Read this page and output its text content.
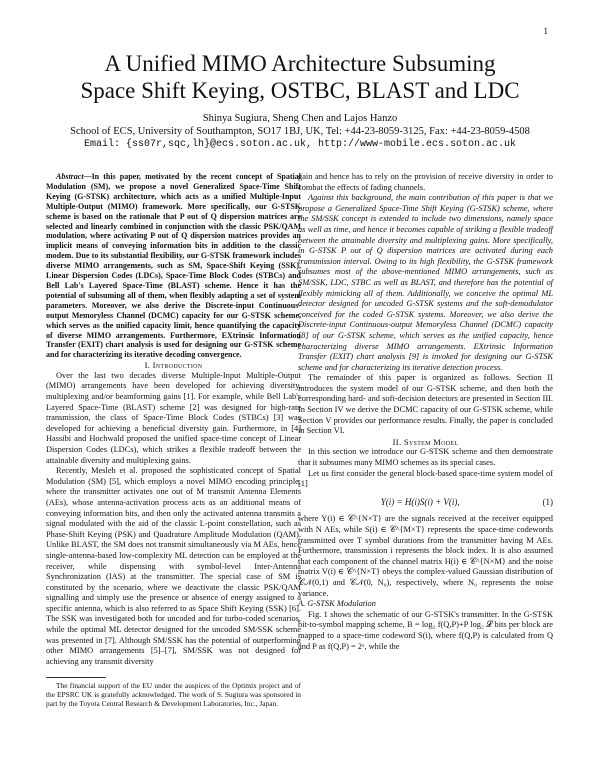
1
A Unified MIMO Architecture Subsuming
Space Shift Keying, OSTBC, BLAST and LDC
Shinya Sugiura, Sheng Chen and Lajos Hanzo
School of ECS, University of Southampton, SO17 1BJ, UK, Tel: +44-23-8059-3125, Fax: +44-23-8059-4508
Email: {ss07r,sqc,lh}@ecs.soton.ac.uk, http://www-mobile.ecs.soton.ac.uk

Abstract—In this paper, motivated by the recent concept of Spatial Modulation (SM), we propose a novel Generalized Space-Time Shift Keying (G-STSK) architecture, which acts as a unified Multiple-Input Multiple-Output (MIMO) framework. More specifically, our G-STSK scheme is based on the rationale that P out of Q dispersion matrices are selected and linearly combined in conjunction with the classic PSK/QAM modulation, where activating P out of Q dispersion matrices provides an implicit means of conveying information bits in addition to the classic modem. Due to its substantial flexibility, our G-STSK framework includes diverse MIMO arrangements, such as SM, Space-Shift Keying (SSK), Linear Dispersion Codes (LDCs), Space-Time Block Codes (STBCs) and Bell Lab's Layered Space-Time (BLAST) scheme. Hence it has the potential of subsuming all of them, when flexibly adapting a set of system parameters. Moreover, we also derive the Discrete-input Continuous-output Memoryless Channel (DCMC) capacity for our G-STSK scheme, which serves as the unified capacity limit, hence quantifying the capacity of diverse MIMO arrangements. Furthermore, EXtrinsic Information Transfer (EXIT) chart analysis is used for designing our G-STSK scheme and for characterizing its iterative decoding convergence.

I. Introduction

Over the last two decades diverse Multiple-Input Multiple-Output (MIMO) arrangements have been developed for achieving diversity, multiplexing and/or beamforming gains [1]. For example, while Bell Lab's Layered Space-Time (BLAST) scheme [2] was designed for high-rate transmission, the class of Space-Time Block Codes (STBCs) [3] was developed for achieving a beneficial diversity gain. Furthermore, in [4] Hassibi and Hochwald proposed the unified space-time concept of Linear Dispersion Codes (LDCs), which strikes a flexible tradeoff between the attainable diversity and multiplexing gains.

Recently, Mesleh et al. proposed the sophisticated concept of Spatial Modulation (SM) [5], which employs a novel MIMO encoding principle, where the transmitter activates one out of M transmit Antenna Elements (AEs), whose antenna-activation process acts as an additional means of conveying information bits, and then only the activated antenna transmits a signal modulated with the aid of the classic L-point constellation, such as Phase-Shift Keying (PSK) and Quadrature Amplitude Modulation (QAM). Unlike BLAST, the SM does not transmit simultaneously via M AEs, hence single-antenna-based low-complexity ML detection can be employed at the receiver, while dispensing with symbol-level Inter-Antenna Synchronization (IAS) at the transmitter. The special case of SM is constituted by the scenario, where we deactivate the classic PSK/QAM signalling and simply use the presence or absence of energy assigned to a specific antenna, which is also referred to as Space Shift Keying (SSK) [6]. The SSK was investigated both for uncoded and for turbo-coded scenarios, while the optimal ML detector designed for the uncoded SM/SSK scheme was presented in [7]. Although SM/SSK has the potential of outperforming other MIMO arrangements [5]–[7], SM/SSK was not designed for achieving any transmit diversity

The financial support of the EU under the auspices of the Optimix project and of the EPSRC UK is gratefully acknowledged. The work of S. Sugiura was sponsored in part by the Toyota Central Research & Development Laboratories, Inc., Japan.

gain and hence has to rely on the provision of receive diversity in order to combat the effects of fading channels.

Against this background, the main contribution of this paper is that we propose a Generalized Space-Time Shift Keying (G-STSK) scheme, where the SM/SSK concept is extended to include two dimensions, namely space as well as time, and hence it becomes capable of striking a flexible tradeoff between the attainable diversity and multiplexing gains. More specifically, in G-STSK P out of Q dispersion matrices are activated during each transmission interval. Owing to its high flexibility, the G-STSK framework subsumes most of the above-mentioned MIMO arrangements, such as SM/SSK, LDC, STBC as well as BLAST, and therefore has the potential of flexibly mimicking all of them. Additionally, we conceive the optimal ML detector designed for uncoded G-STSK systems and the soft-demodulator conceived for the coded G-STSK systems. Moreover, we also derive the Discrete-input Continuous-output Memoryless Channel (DCMC) capacity [8] of our G-STSK scheme, which serves as the unified capacity, hence characterizing diverse MIMO arrangements. EXtrinsic Information Transfer (EXIT) chart analysis [9] is invoked for designing our G-STSK scheme and for characterizing its iterative detection process.

The remainder of this paper is organized as follows. Section II introduces the system model of our G-STSK scheme, and then both the corresponding hard- and soft-decision detectors are presented in Section III. In Section IV we derive the DCMC capacity of our G-STSK scheme, while Section V provides our performance results. Finally, the paper is concluded in Section VI.

II. System Model

In this section we introduce our G-STSK scheme and then demonstrate that it subsumes many MIMO schemes as its special cases.

Let us first consider the general block-based space-time system model of [1]

Y(i) = H(i)S(i) + V(i),	(1)

where Y(i) ∈ 𝒞^{N×T} are the signals received at the receiver equipped with N AEs, while S(i) ∈ 𝒞^{M×T} represents the space-time codewords transmitted over T symbol durations from the transmitter having M AEs. Furthermore, transmission i represents the block index. It is also assumed that each component of the channel matrix H(i) ∈ 𝒞^{N×M} and the noise matrix V(i) ∈ 𝒞^{N×T} obeys the complex-valued Gaussian distribution of 𝒞𝒩(0,1) and 𝒞𝒩(0, N₀), respectively, where N₀ represents the noise variance.

A. G-STSK Modulation

Fig. 1 shows the schematic of our G-STSK's transmitter. In the G-STSK bit-to-symbol mapping scheme, B = log₂ f(Q,P)+P log₂ 𝓛 bits per block are mapped to a space-time codeword S(i), where f(Q,P) is calculated from Q and P as f(Q,P) = 2ˣ, while the
